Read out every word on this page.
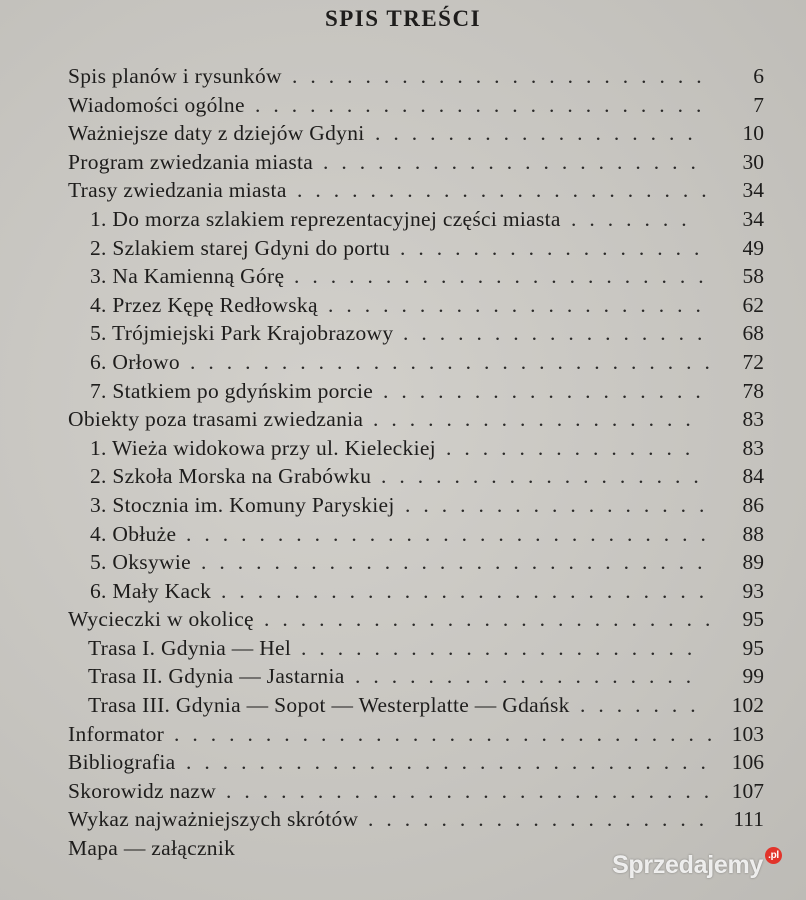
SPIS TREŚCI
Spis planów i rysunków ....................... 6
Wiadomości ogólne ......................... 7
Ważniejsze daty z dziejów Gdyni .................. 10
Program zwiedzania miasta ..................... 30
Trasy zwiedzania miasta ....................... 34
1. Do morza szlakiem reprezentacyjnej części miasta ....... 34
2. Szlakiem starej Gdyni do portu ................. 49
3. Na Kamienną Górę ....................... 58
4. Przez Kępę Redłowską ..................... 62
5. Trójmiejski Park Krajobrazowy ................. 68
6. Orłowo ............................. 72
7. Statkiem po gdyńskim porcie .................. 78
Obiekty poza trasami zwiedzania .................. 83
1. Wieża widokowa przy ul. Kieleckiej .............. 83
2. Szkoła Morska na Grabówku .................. 84
3. Stocznia im. Komuny Paryskiej ................. 86
4. Obłuże ............................. 88
5. Oksywie ............................ 89
6. Mały Kack ........................... 93
Wycieczki w okolicę ......................... 95
Trasa I. Gdynia — Hel ...................... 95
Trasa II. Gdynia — Jastarnia ................... 99
Trasa III. Gdynia — Sopot — Westerplatte — Gdańsk ....... 102
Informator .............................. 103
Bibliografia ............................. 106
Skorowidz nazw ........................... 107
Wykaz najważniejszych skrótów ................... 111
Mapa — załącznik
Sprzedajemy .pl
